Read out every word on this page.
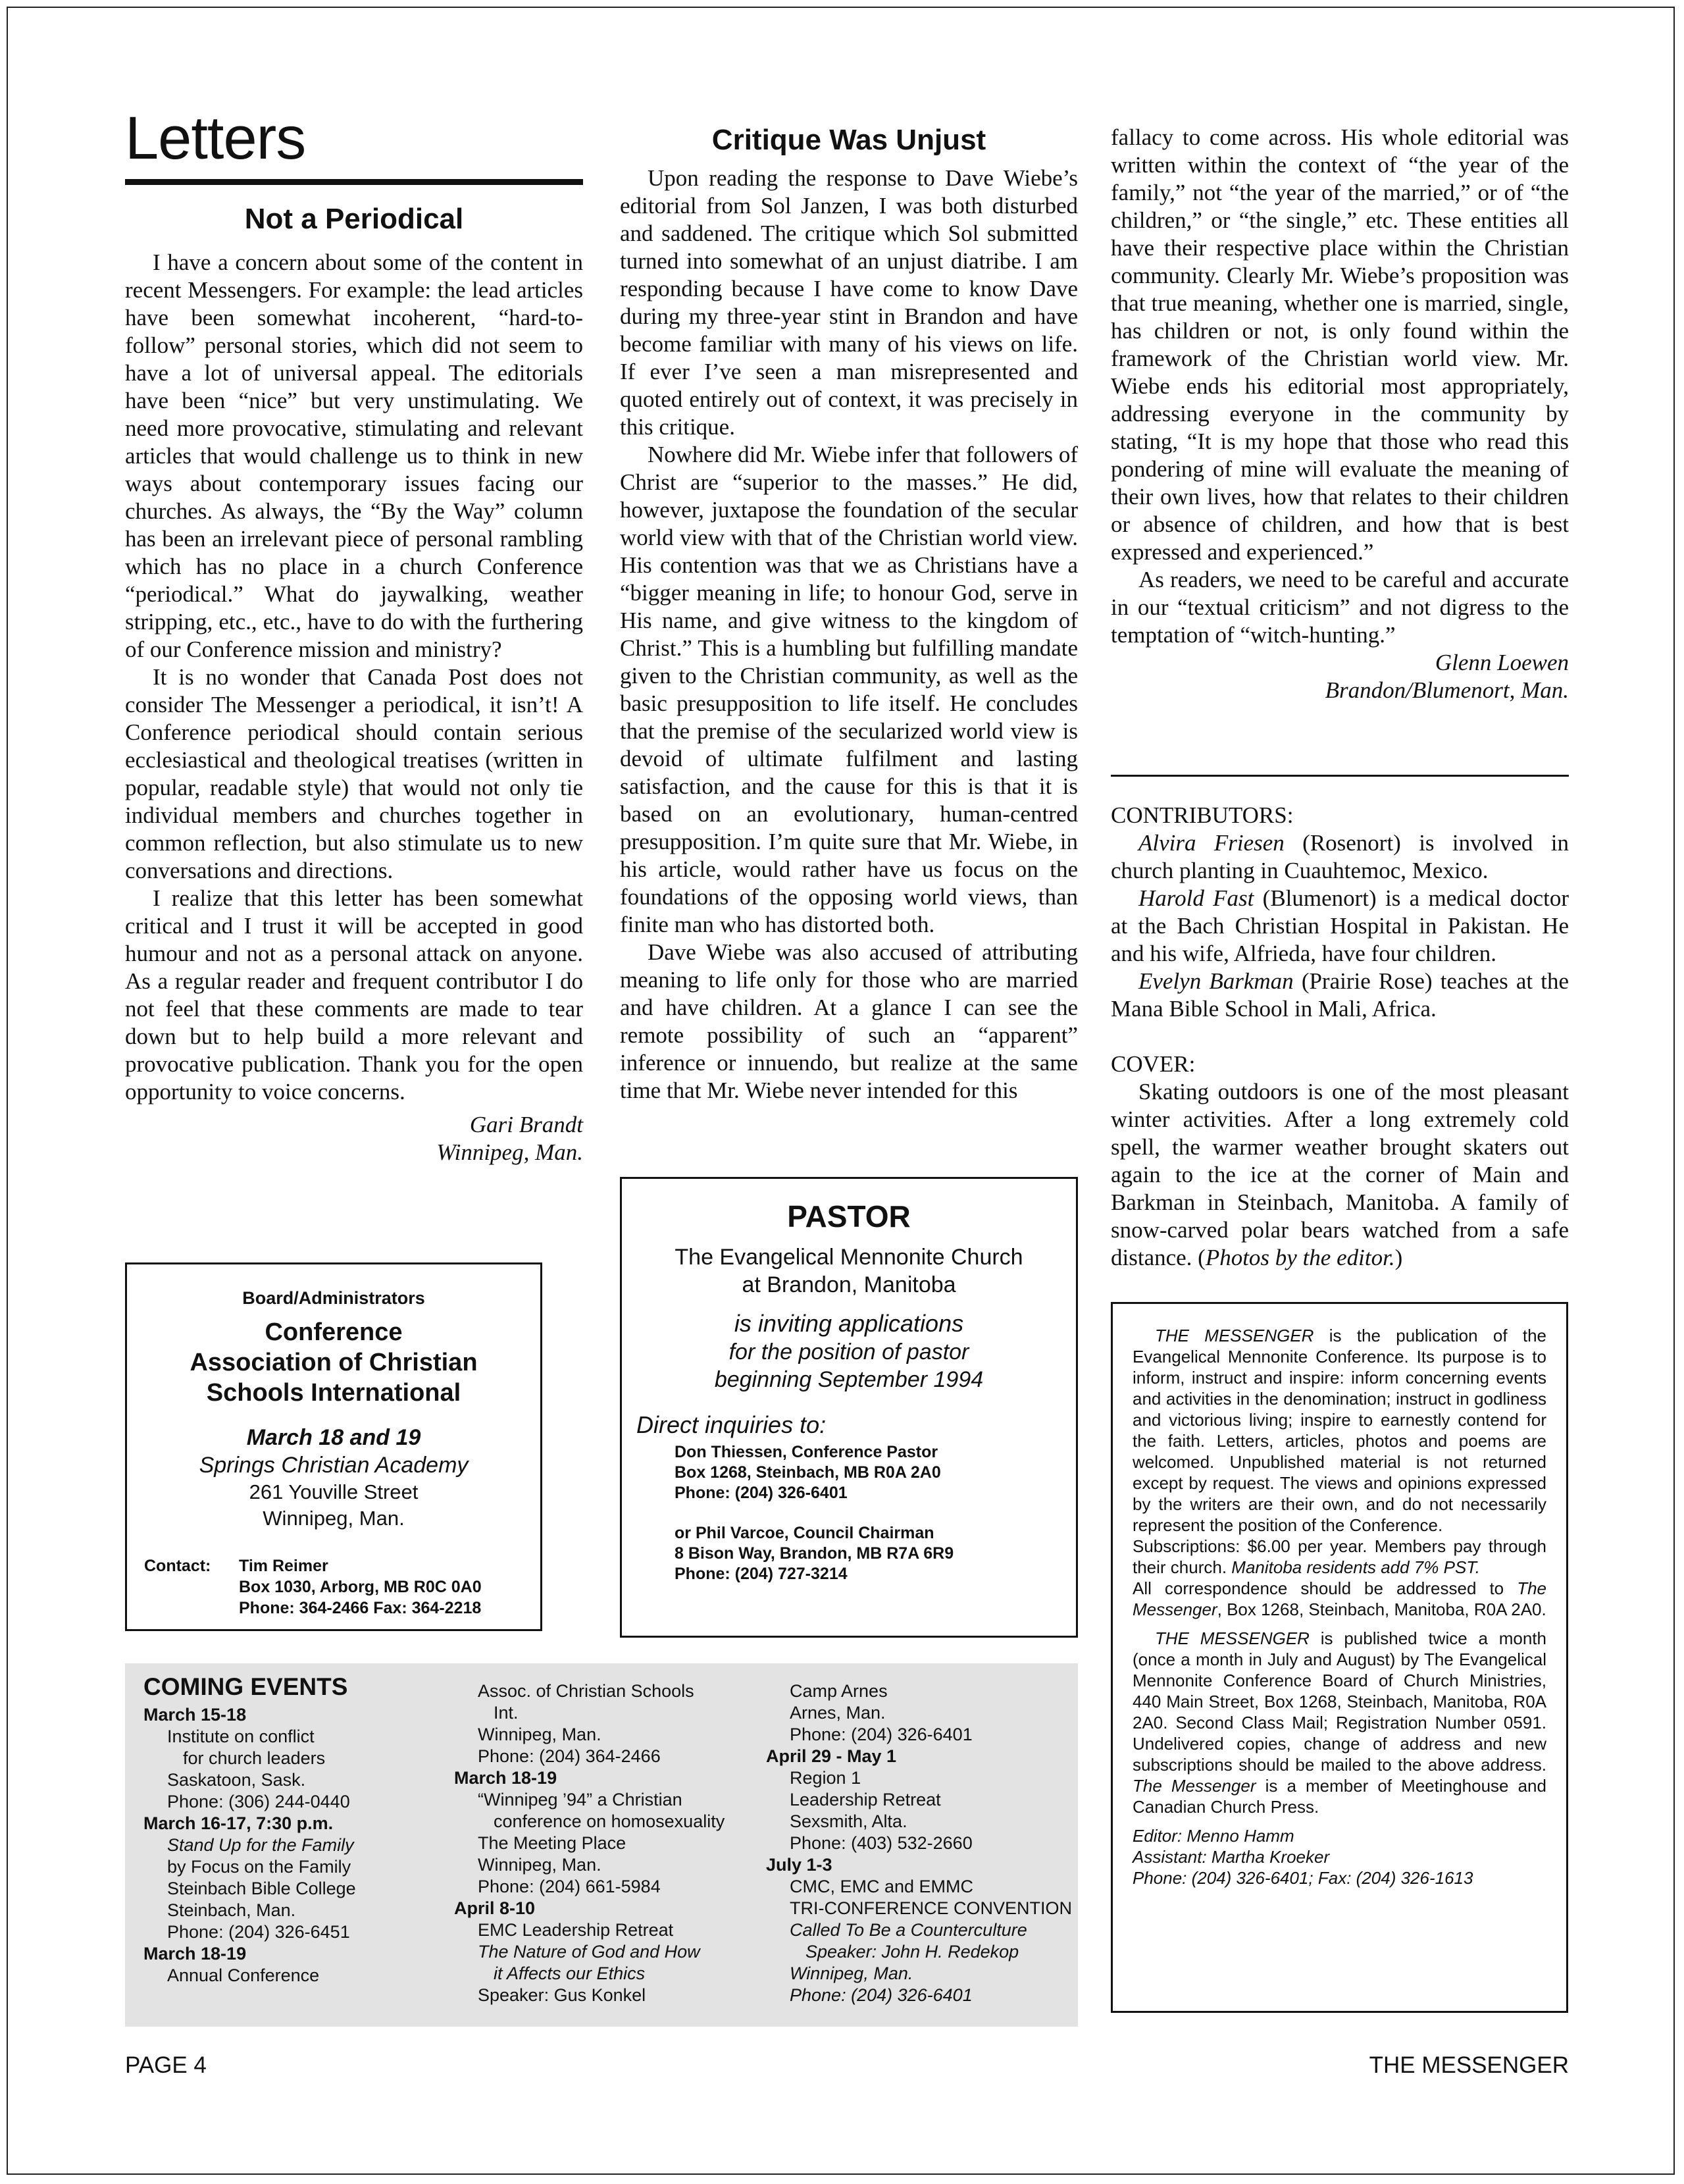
Letters
Not a Periodical

I have a concern about some of the content in recent Messengers. For example: the lead articles have been somewhat incoherent, “hard-to-follow” personal stories, which did not seem to have a lot of universal appeal. The editorials have been “nice” but very unstimulating. We need more provocative, stimulating and relevant articles that would challenge us to think in new ways about contemporary issues facing our churches. As always, the “By the Way” column has been an irrelevant piece of personal rambling which has no place in a church Conference “periodical.” What do jaywalking, weather stripping, etc., etc., have to do with the furthering of our Conference mission and ministry?

It is no wonder that Canada Post does not consider The Messenger a periodical, it isn’t! A Conference periodical should contain serious ecclesiastical and theological treatises (written in popular, readable style) that would not only tie individual members and churches together in common reflection, but also stimulate us to new conversations and directions.

I realize that this letter has been somewhat critical and I trust it will be accepted in good humour and not as a personal attack on anyone. As a regular reader and frequent contributor I do not feel that these comments are made to tear down but to help build a more relevant and provocative publication. Thank you for the open opportunity to voice concerns.

Gari Brandt

Winnipeg, Man.

Board/Administrators
Conference
Association of Christian
Schools International
March 18 and 19
Springs Christian Academy
261 Youville Street
Winnipeg, Man.
Contact: Tim Reimer
Box 1030, Arborg, MB R0C 0A0
Phone: 364-2466 Fax: 364-2218
Critique Was Unjust

Upon reading the response to Dave Wiebe’s editorial from Sol Janzen, I was both disturbed and saddened. The critique which Sol submitted turned into somewhat of an unjust diatribe. I am responding because I have come to know Dave during my three-year stint in Brandon and have become familiar with many of his views on life. If ever I’ve seen a man misrepresented and quoted entirely out of context, it was precisely in this critique.

Nowhere did Mr. Wiebe infer that followers of Christ are “superior to the masses.” He did, however, juxtapose the foundation of the secular world view with that of the Christian world view. His contention was that we as Christians have a “bigger meaning in life; to honour God, serve in His name, and give witness to the kingdom of Christ.” This is a humbling but fulfilling mandate given to the Christian community, as well as the basic presupposition to life itself. He concludes that the premise of the secularized world view is devoid of ultimate fulfilment and lasting satisfaction, and the cause for this is that it is based on an evolutionary, human-centred presupposition. I’m quite sure that Mr. Wiebe, in his article, would rather have us focus on the foundations of the opposing world views, than finite man who has distorted both.

Dave Wiebe was also accused of attributing meaning to life only for those who are married and have children. At a glance I can see the remote possibility of such an “apparent” inference or innuendo, but realize at the same time that Mr. Wiebe never intended for this

PASTOR
The Evangelical Mennonite Church
at Brandon, Manitoba
is inviting applications
for the position of pastor
beginning September 1994
Direct inquiries to:
Don Thiessen, Conference Pastor
Box 1268, Steinbach, MB R0A 2A0
Phone: (204) 326-6401
or Phil Varcoe, Council Chairman
8 Bison Way, Brandon, MB R7A 6R9
Phone: (204) 727-3214

fallacy to come across. His whole editorial was written within the context of “the year of the family,” not “the year of the married,” or of “the children,” or “the single,” etc. These entities all have their respective place within the Christian community. Clearly Mr. Wiebe’s proposition was that true meaning, whether one is married, single, has children or not, is only found within the framework of the Christian world view. Mr. Wiebe ends his editorial most appropriately, addressing everyone in the community by stating, “It is my hope that those who read this pondering of mine will evaluate the meaning of their own lives, how that relates to their children or absence of children, and how that is best expressed and experienced.”

As readers, we need to be careful and accurate in our “textual criticism” and not digress to the temptation of “witch-hunting.”

Glenn Loewen

Brandon/Blumenort, Man.

CONTRIBUTORS:

Alvira Friesen (Rosenort) is involved in church planting in Cuauhtemoc, Mexico.

Harold Fast (Blumenort) is a medical doctor at the Bach Christian Hospital in Pakistan. He and his wife, Alfrieda, have four children.

Evelyn Barkman (Prairie Rose) teaches at the Mana Bible School in Mali, Africa.

COVER:

Skating outdoors is one of the most pleasant winter activities. After a long extremely cold spell, the warmer weather brought skaters out again to the ice at the corner of Main and Barkman in Steinbach, Manitoba. A family of snow-carved polar bears watched from a safe distance. (Photos by the editor.)

THE MESSENGER is the publication of the Evangelical Mennonite Conference. Its purpose is to inform, instruct and inspire: inform concerning events and activities in the denomination; instruct in godliness and victorious living; inspire to earnestly contend for the faith. Letters, articles, photos and poems are welcomed. Unpublished material is not returned except by request. The views and opinions expressed by the writers are their own, and do not necessarily represent the position of the Conference.

Subscriptions: $6.00 per year. Members pay through their church. Manitoba residents add 7% PST.

All correspondence should be addressed to The Messenger, Box 1268, Steinbach, Manitoba, R0A 2A0.

THE MESSENGER is published twice a month (once a month in July and August) by The Evangelical Mennonite Conference Board of Church Ministries, 440 Main Street, Box 1268, Steinbach, Manitoba, R0A 2A0. Second Class Mail; Registration Number 0591. Undelivered copies, change of address and new subscriptions should be mailed to the above address. The Messenger is a member of Meetinghouse and Canadian Church Press.

Editor: Menno Hamm
Assistant: Martha Kroeker
Phone: (204) 326-6401; Fax: (204) 326-1613
COMING EVENTS
March 15-18
Institute on conflict
for church leaders
Saskatoon, Sask.
Phone: (306) 244-0440
March 16-17, 7:30 p.m.
Stand Up for the Family
by Focus on the Family
Steinbach Bible College
Steinbach, Man.
Phone: (204) 326-6451
March 18-19
Annual Conference
Assoc. of Christian Schools
Int.
Winnipeg, Man.
Phone: (204) 364-2466
March 18-19
“Winnipeg ’94” a Christian
conference on homosexuality
The Meeting Place
Winnipeg, Man.
Phone: (204) 661-5984
April 8-10
EMC Leadership Retreat
The Nature of God and How
it Affects our Ethics
Speaker: Gus Konkel
Camp Arnes
Arnes, Man.
Phone: (204) 326-6401
April 29 - May 1
Region 1
Leadership Retreat
Sexsmith, Alta.
Phone: (403) 532-2660
July 1-3
CMC, EMC and EMMC
TRI-CONFERENCE CONVENTION
Called To Be a Counterculture
Speaker: John H. Redekop
Winnipeg, Man.
Phone: (204) 326-6401
PAGE 4	THE MESSENGER
